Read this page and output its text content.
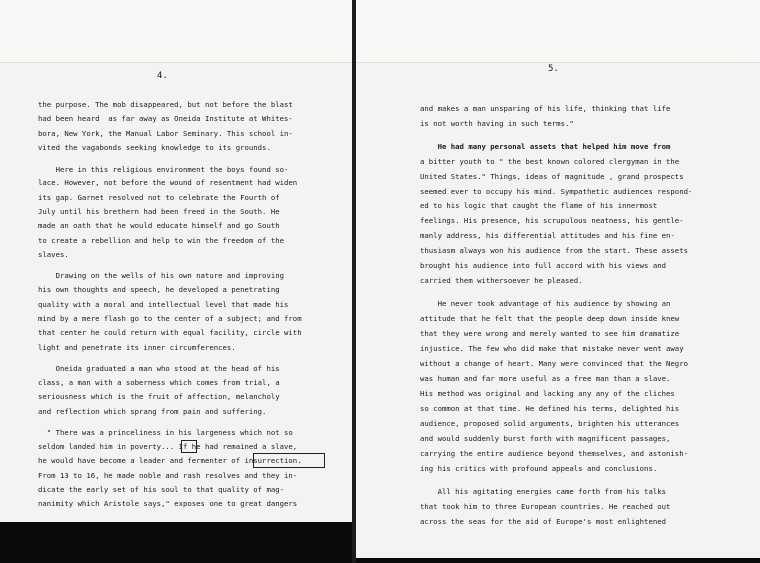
4.
the purpose. The mob disappeared, but not before the blast
had been heard  as far away as Oneida Institute at Whites-
bora, New York, the Manual Labor Seminary. This school in-
vited the vagabonds seeking knowledge to its grounds.
Here in this religious environment the boys found so-
lace. However, not before the wound of resentment had widen
its gap. Garnet resolved not to celebrate the Fourth of
July until his brethern had been freed in the South. He
made an oath that he would educate himself and go South
to create a rebellion and help to win the freedom of the
slaves.
Drawing on the wells of his own nature and improving
his own thoughts and speech, he developed a penetrating
quality with a moral and intellectual level that made his
mind by a mere flash go to the center of a subject; and from
that center he could return with equal facility, circle with
light and penetrate its inner circumferences.
Oneida graduated a man who stood at the head of his
class, a man with a soberness which comes from trial, a
seriousness which is the fruit of affection, melancholy
and reflection which sprang from pain and suffering.
" There was a princeliness in his largeness which not so
seldom landed him in poverty... If he had remained a slave,
he would have become a leader and fermenter of insurrection.
From 13 to 16, he made noble and rash resolves and they in-
dicate the early set of his soul to that quality of mag-
nanimity which Aristole says," exposes one to great dangers
5.
and makes a man unsparing of his life, thinking that life
is not worth having in such terms."
He had many personal assets that helped him move from
a bitter youth to " the best known colored clergyman in the
United States." Things, ideas of magnitude , grand prospects
seemed ever to occupy his mind. Sympathetic audiences respond-
ed to his logic that caught the flame of his innermost
feelings. His presence, his scrupulous neatness, his gentle-
manly address, his differential attitudes and his fine en-
thusiasm always won his audience from the start. These assets
brought his audience into full accord with his views and
carried them withersoever he pleased.
He never took advantage of his audience by showing an
attitude that he felt that the people deep down inside knew
that they were wrong and merely wanted to see him dramatize
injustice. The few who did make that mistake never went away
without a change of heart. Many were convinced that the Negro
was human and far more useful as a free man than a slave.
His method was original and lacking any any of the cliches
so common at that time. He defined his terms, delighted his
audience, proposed solid arguments, brighten his utterances
and would suddenly burst forth with magnificent passages,
carrying the entire audience beyond themselves, and astonish-
ing his critics with profound appeals and conclusions.
All his agitating energies came forth from his talks
that took him to three European countries. He reached out
across the seas for the aid of Europe's most enlightened
